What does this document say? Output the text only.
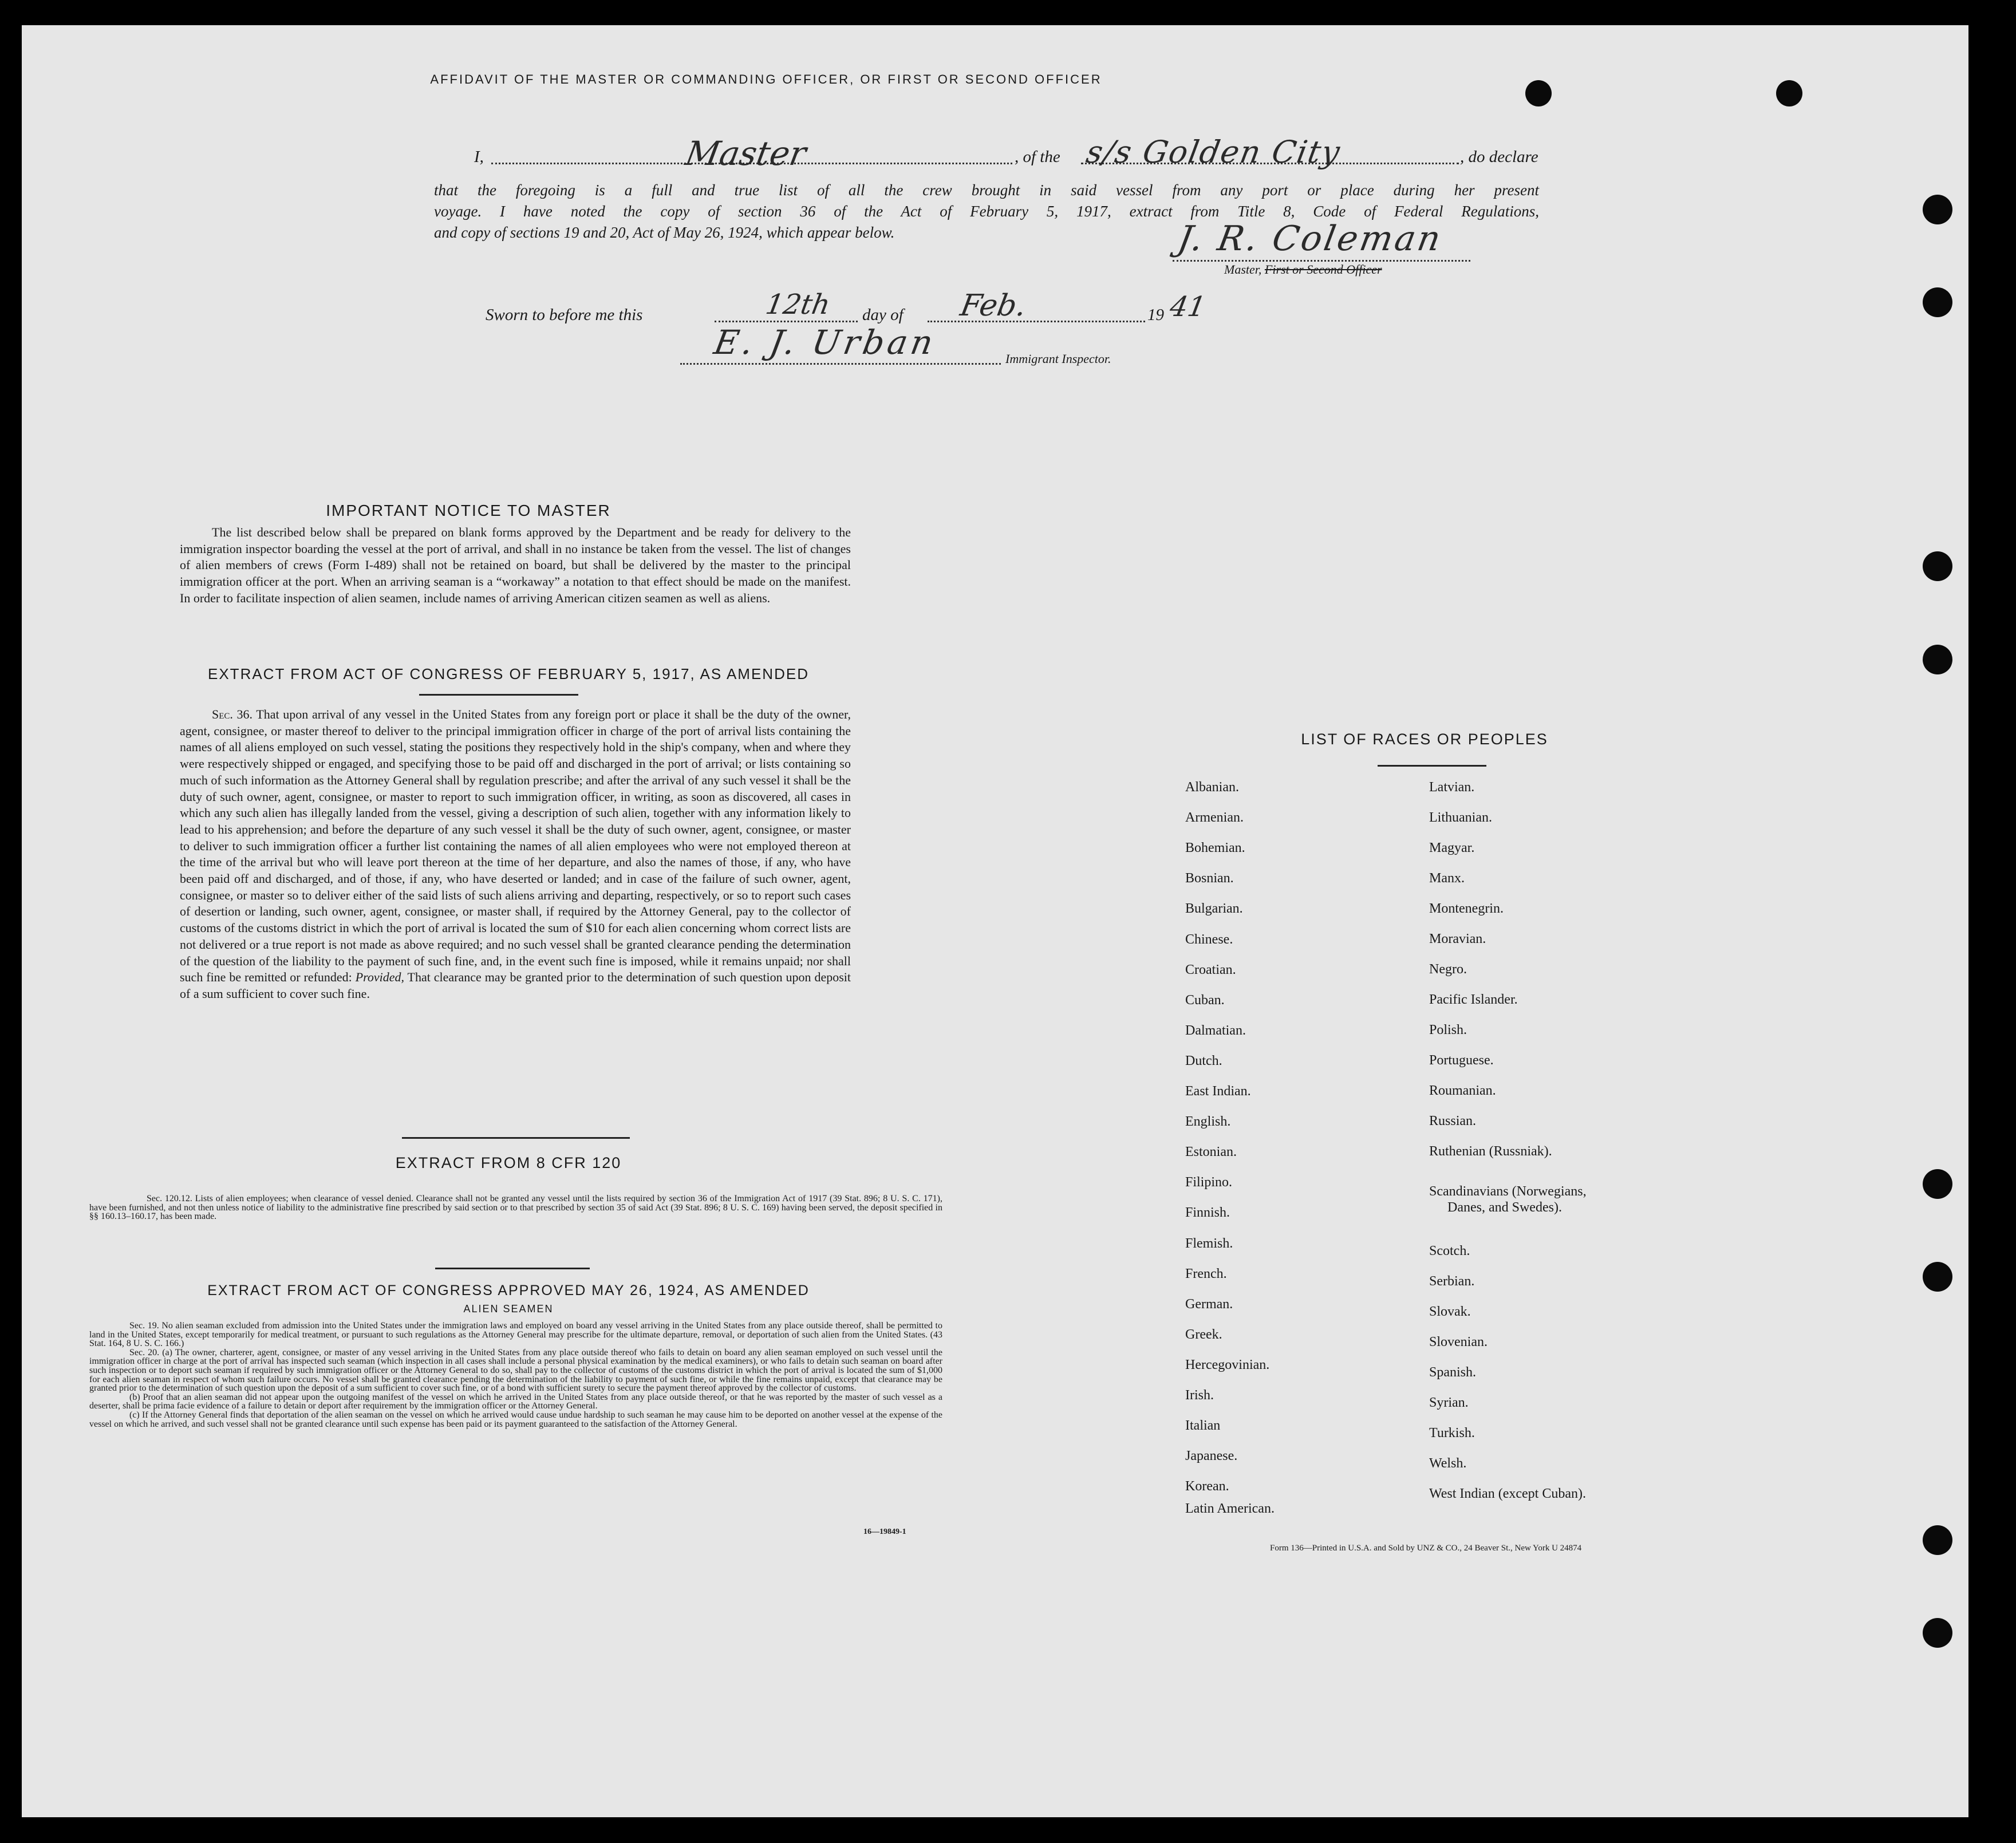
AFFIDAVIT OF THE MASTER OR COMMANDING OFFICER, OR FIRST OR SECOND OFFICER
I,	Master	, of the s/s Golden City	, do declare
that the foregoing is a full and true list of all the crew brought in said vessel from any port or place during her present
voyage. I have noted the copy of section 36 of the Act of February 5, 1917, extract from Title 8, Code of Federal Regulations,
and copy of sections 19 and 20, Act of May 26, 1924, which appear below.	J. R. Coleman
Master, First or Second Officer
Sworn to before me this	12th day of Feb.	19 41
E. J. Urban	Immigrant Inspector.
IMPORTANT NOTICE TO MASTER
The list described below shall be prepared on blank forms approved by the Department and be ready for delivery to the immigration inspector boarding the vessel at the port of arrival, and shall in no instance be taken from the vessel. The list of changes of alien members of crews (Form I-489) shall not be retained on board, but shall be delivered by the master to the principal immigration officer at the port. When an arriving seaman is a “workaway” a notation to that effect should be made on the manifest. In order to facilitate inspection of alien seamen, include names of arriving American citizen seamen as well as aliens.
EXTRACT FROM ACT OF CONGRESS OF FEBRUARY 5, 1917, AS AMENDED
Sec. 36. That upon arrival of any vessel in the United States from any foreign port or place it shall be the duty of the owner, agent, consignee, or master thereof to deliver to the principal immigration officer in charge of the port of arrival lists containing the names of all aliens employed on such vessel, stating the positions they respectively hold in the ship's company, when and where they were respectively shipped or engaged, and specifying those to be paid off and discharged in the port of arrival; or lists containing so much of such information as the Attorney General shall by regulation prescribe; and after the arrival of any such vessel it shall be the duty of such owner, agent, consignee, or master to report to such immigration officer, in writing, as soon as discovered, all cases in which any such alien has illegally landed from the vessel, giving a description of such alien, together with any information likely to lead to his apprehension; and before the departure of any such vessel it shall be the duty of such owner, agent, consignee, or master to deliver to such immigration officer a further list containing the names of all alien employees who were not employed thereon at the time of the arrival but who will leave port thereon at the time of her departure, and also the names of those, if any, who have been paid off and discharged, and of those, if any, who have deserted or landed; and in case of the failure of such owner, agent, consignee, or master so to deliver either of the said lists of such aliens arriving and departing, respectively, or so to report such cases of desertion or landing, such owner, agent, consignee, or master shall, if required by the Attorney General, pay to the collector of customs of the customs district in which the port of arrival is located the sum of $10 for each alien concerning whom correct lists are not delivered or a true report is not made as above required; and no such vessel shall be granted clearance pending the determination of the question of the liability to the payment of such fine, and, in the event such fine is imposed, while it remains unpaid; nor shall such fine be remitted or refunded: Provided, That clearance may be granted prior to the determination of such question upon deposit of a sum sufficient to cover such fine.
EXTRACT FROM 8 CFR 120
Sec. 120.12. Lists of alien employees; when clearance of vessel denied. Clearance shall not be granted any vessel until the lists required by section 36 of the Immigration Act of 1917 (39 Stat. 896; 8 U. S. C. 171), have been furnished, and not then unless notice of liability to the administrative fine prescribed by said section or to that prescribed by section 35 of said Act (39 Stat. 896; 8 U. S. C. 169) having been served, the deposit specified in §§ 160.13–160.17, has been made.
EXTRACT FROM ACT OF CONGRESS APPROVED MAY 26, 1924, AS AMENDED
ALIEN SEAMEN
Sec. 19. No alien seaman excluded from admission into the United States under the immigration laws and employed on board any vessel arriving in the United States from any place outside thereof, shall be permitted to land in the United States, except temporarily for medical treatment, or pursuant to such regulations as the Attorney General may prescribe for the ultimate departure, removal, or deportation of such alien from the United States. (43 Stat. 164, 8 U. S. C. 166.)
Sec. 20. (a) The owner, charterer, agent, consignee, or master of any vessel arriving in the United States from any place outside thereof who fails to detain on board any alien seaman employed on such vessel until the immigration officer in charge at the port of arrival has inspected such seaman (which inspection in all cases shall include a personal physical examination by the medical examiners), or who fails to detain such seaman on board after such inspection or to deport such seaman if required by such immigration officer or the Attorney General to do so, shall pay to the collector of customs of the customs district in which the port of arrival is located the sum of $1,000 for each alien seaman in respect of whom such failure occurs. No vessel shall be granted clearance pending the determination of the liability to payment of such fine, or while the fine remains unpaid, except that clearance may be granted prior to the determination of such question upon the deposit of a sum sufficient to cover such fine, or of a bond with sufficient surety to secure the payment thereof approved by the collector of customs.
(b) Proof that an alien seaman did not appear upon the outgoing manifest of the vessel on which he arrived in the United States from any place outside thereof, or that he was reported by the master of such vessel as a deserter, shall be prima facie evidence of a failure to detain or deport after requirement by the immigration officer or the Attorney General.
(c) If the Attorney General finds that deportation of the alien seaman on the vessel on which he arrived would cause undue hardship to such seaman he may cause him to be deported on another vessel at the expense of the vessel on which he arrived, and such vessel shall not be granted clearance until such expense has been paid or its payment guaranteed to the satisfaction of the Attorney General.
16—19849-1
LIST OF RACES OR PEOPLES
Form 136—Printed in U.S.A. and Sold by UNZ & CO., 24 Beaver St., New York U 24874
Albanian.
Armenian.
Bohemian.
Bosnian.
Bulgarian.
Chinese.
Croatian.
Cuban.
Dalmatian.
Dutch.
East Indian.
English.
Estonian.
Filipino.
Finnish.
Flemish.
French.
German.
Greek.
Hercegovinian.
Irish.
Italian
Japanese.
Korean.
Latin American.
Latvian.
Lithuanian.
Magyar.
Manx.
Montenegrin.
Moravian.
Negro.
Pacific Islander.
Polish.
Portuguese.
Roumanian.
Russian.
Ruthenian (Russniak).
Scandinavians (Norwegians,
Danes, and Swedes).
Scotch.
Serbian.
Slovak.
Slovenian.
Spanish.
Syrian.
Turkish.
Welsh.
West Indian (except Cuban).
